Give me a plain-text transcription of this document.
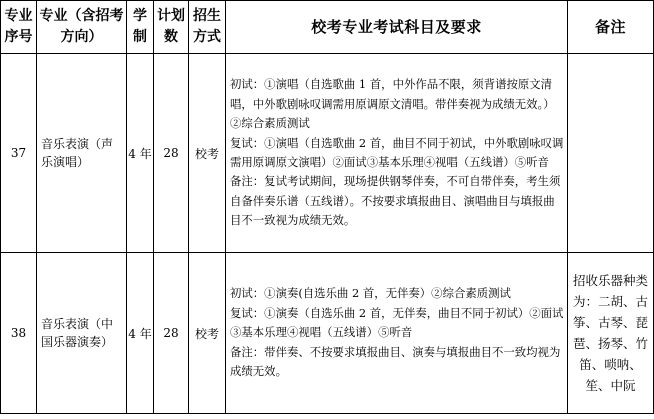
专业序号	专业（含招考方向）	学制	计划数	招生方式	校考专业考试科目及要求	备注
37	音乐表演（声乐演唱）	4 年	28	校考	初试：①演唱（自选歌曲 1 首，中外作品不限，须背谱按原文清唱，中外歌剧咏叹调需用原调原文清唱。带伴奏视为成绩无效。）②综合素质测试

复试：①演唱（自选歌曲 2 首，曲目不同于初试，中外歌剧咏叹调需用原调原文演唱）②面试③基本乐理④视唱（五线谱）⑤听音

备注：复试考试期间，现场提供钢琴伴奏，不可自带伴奏，考生须自备伴奏乐谱（五线谱）。不按要求填报曲目、演唱曲目与填报曲目不一致视为成绩无效。	

38	音乐表演（中国乐器演奏）	4 年	28	校考	初试：①演奏(自选乐曲 2 首，无伴奏）②综合素质测试

复试：①演奏（自选乐曲 2 首，无伴奏，曲目不同于初试）②面试③基本乐理④视唱（五线谱）⑤听音

备注：带伴奏、不按要求填报曲目、演奏与填报曲目不一致均视为成绩无效。	招收乐器种类为：二胡、古筝、古琴、琵琶、扬琴、竹笛、唢呐、笙、中阮
